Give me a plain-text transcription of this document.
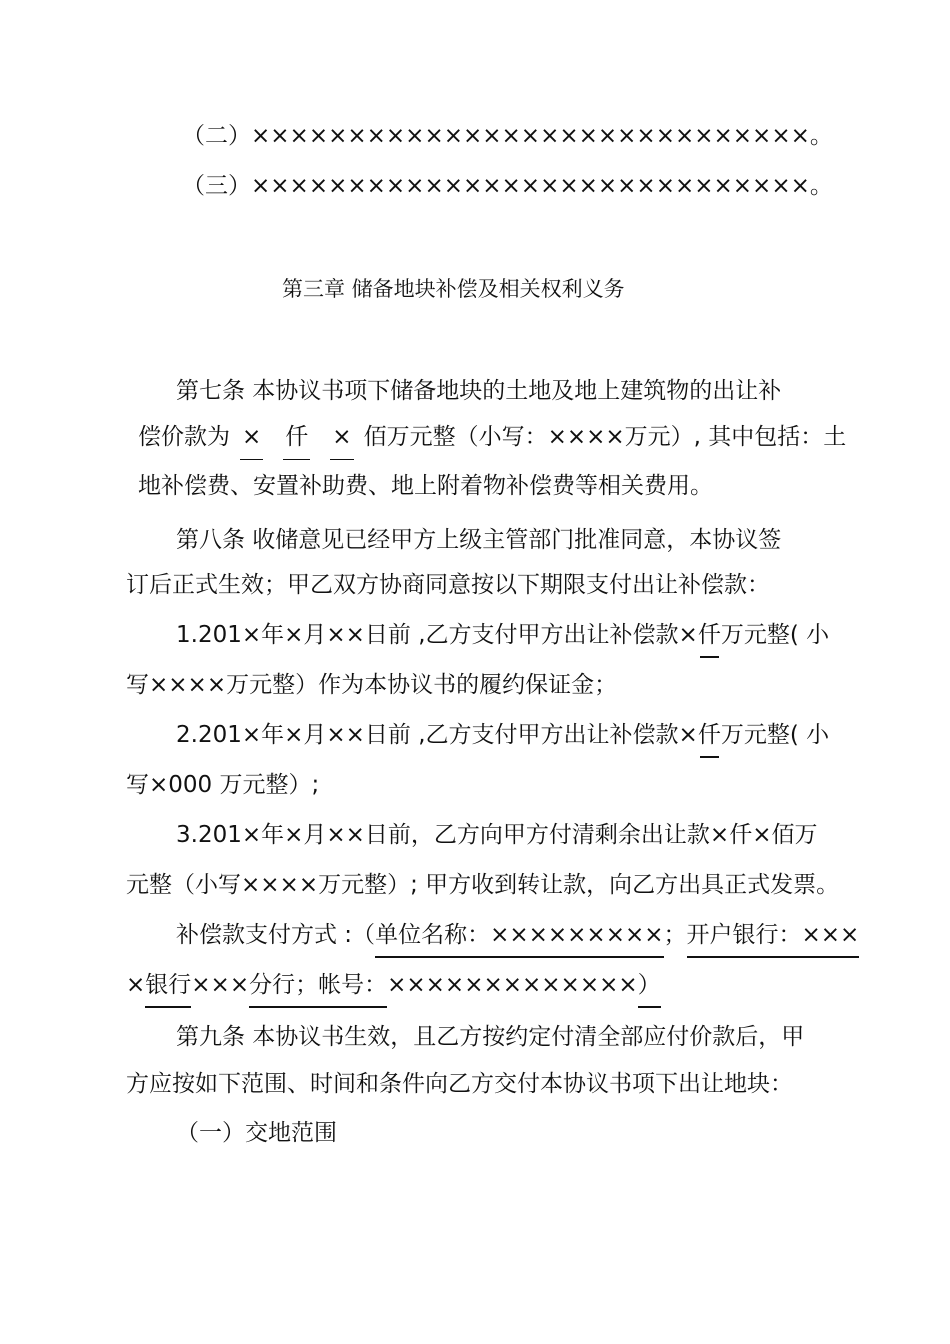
（二）×××××××××××××××××××××××××××××。
（三）×××××××××××××××××××××××××××××。
第三章 储备地块补偿及相关权利义务
第七条 本协议书项下储备地块的土地及地上建筑物的出让补
偿价款为 × 仟 × 佰万元整（小写：××××万元）, 其中包括：土
地补偿费、安置补助费、地上附着物补偿费等相关费用。
第八条 收储意见已经甲方上级主管部门批准同意，本协议签
订后正式生效；甲乙双方协商同意按以下期限支付出让补偿款：
1.201×年×月××日前 ,乙方支付甲方出让补偿款×仟万元整( 小
写××××万元整）作为本协议书的履约保证金；
2.201×年×月××日前 ,乙方支付甲方出让补偿款×仟万元整( 小
写×000 万元整）;
3.201×年×月××日前，乙方向甲方付清剩余出让款×仟×佰万
元整（小写××××万元整）; 甲方收到转让款，向乙方出具正式发票。
补偿款支付方式 :（单位名称：×××××××××；开户银行：×××
×银行×××分行；帐号：×××××××××××××）
第九条 本协议书生效，且乙方按约定付清全部应付价款后，甲
方应按如下范围、时间和条件向乙方交付本协议书项下出让地块：
（一）交地范围
